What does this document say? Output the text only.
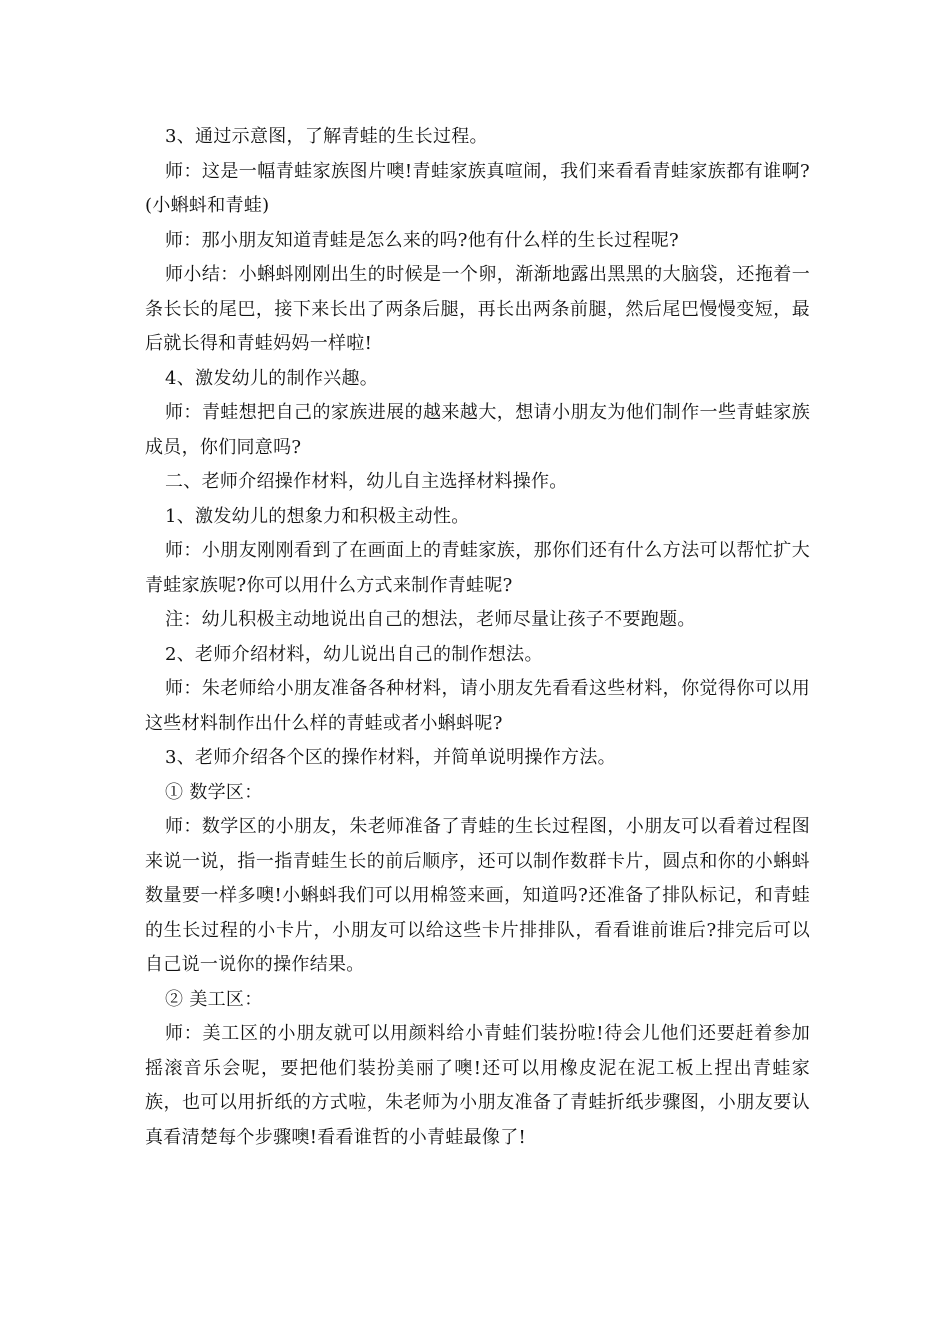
3、通过示意图，了解青蛙的生长过程。

师：这是一幅青蛙家族图片噢!青蛙家族真喧闹，我们来看看青蛙家族都有谁啊?(小蝌蚪和青蛙)

师：那小朋友知道青蛙是怎么来的吗?他有什么样的生长过程呢?

师小结：小蝌蚪刚刚出生的时候是一个卵，渐渐地露出黑黑的大脑袋，还拖着一条长长的尾巴，接下来长出了两条后腿，再长出两条前腿，然后尾巴慢慢变短，最后就长得和青蛙妈妈一样啦!

4、激发幼儿的制作兴趣。

师：青蛙想把自己的家族进展的越来越大，想请小朋友为他们制作一些青蛙家族成员，你们同意吗?

二、老师介绍操作材料，幼儿自主选择材料操作。

1、激发幼儿的想象力和积极主动性。

师：小朋友刚刚看到了在画面上的青蛙家族，那你们还有什么方法可以帮忙扩大青蛙家族呢?你可以用什么方式来制作青蛙呢?

注：幼儿积极主动地说出自己的想法，老师尽量让孩子不要跑题。

2、老师介绍材料，幼儿说出自己的制作想法。

师：朱老师给小朋友准备各种材料，请小朋友先看看这些材料，你觉得你可以用这些材料制作出什么样的青蛙或者小蝌蚪呢?

3、老师介绍各个区的操作材料，并简单说明操作方法。

① 数学区：

师：数学区的小朋友，朱老师准备了青蛙的生长过程图，小朋友可以看着过程图来说一说，指一指青蛙生长的前后顺序，还可以制作数群卡片，圆点和你的小蝌蚪数量要一样多噢!小蝌蚪我们可以用棉签来画，知道吗?还准备了排队标记，和青蛙的生长过程的小卡片，小朋友可以给这些卡片排排队，看看谁前谁后?排完后可以自己说一说你的操作结果。

② 美工区：

师：美工区的小朋友就可以用颜料给小青蛙们装扮啦!待会儿他们还要赶着参加摇滚音乐会呢，要把他们装扮美丽了噢!还可以用橡皮泥在泥工板上捏出青蛙家族，也可以用折纸的方式啦，朱老师为小朋友准备了青蛙折纸步骤图，小朋友要认真看清楚每个步骤噢!看看谁哲的小青蛙最像了!
